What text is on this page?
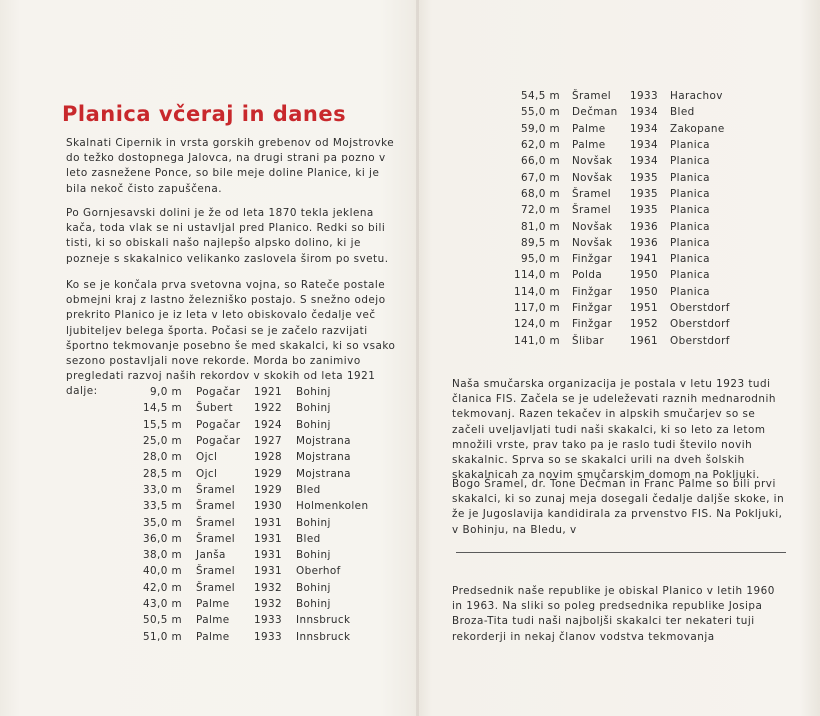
Planica včeraj in danes

Skalnati Cipernik in vrsta gorskih grebenov od Mojstrovke do težko dostopnega Jalovca, na drugi strani pa pozno v leto zasnežene Ponce, so bile meje doline Planice, ki je bila nekoč čisto zapuščena.

Po Gornjesavski dolini je že od leta 1870 tekla jeklena kača, toda vlak se ni ustavljal pred Planico. Redki so bili tisti, ki so obiskali našo najlepšo alpsko dolino, ki je pozneje s skakalnico velikanko zaslovela širom po svetu.

Ko se je končala prva svetovna vojna, so Rateče postale obmejni kraj z lastno železniško postajo. S snežno odejo prekrito Planico je iz leta v leto obiskovalo čedalje več ljubiteljev belega športa. Počasi se je začelo razvijati športno tekmovanje posebno še med skakalci, ki so vsako sezono postavljali nove rekorde. Morda bo zanimivo pregledati razvoj naših rekordov v skokih od leta 1921 dalje:	9,0 m	Pogačar	1921	Bohinj
14,5 m	Šubert	1922	Bohinj
15,5 m	Pogačar	1924	Bohinj
25,0 m	Pogačar	1927	Mojstrana
28,0 m	Ojcl	1928	Mojstrana
28,5 m	Ojcl	1929	Mojstrana
33,0 m	Šramel	1929	Bled
33,5 m	Šramel	1930	Holmenkolen
35,0 m	Šramel	1931	Bohinj
36,0 m	Šramel	1931	Bled
38,0 m	Janša	1931	Bohinj
40,0 m	Šramel	1931	Oberhof
42,0 m	Šramel	1932	Bohinj
43,0 m	Palme	1932	Bohinj
50,5 m	Palme	1933	Innsbruck
51,0 m	Palme	1933	Innsbruck
54,5 m	Šramel	1933	Harachov
55,0 m	Dečman	1934	Bled
59,0 m	Palme	1934	Zakopane
62,0 m	Palme	1934	Planica
66,0 m	Novšak	1934	Planica
67,0 m	Novšak	1935	Planica
68,0 m	Šramel	1935	Planica
72,0 m	Šramel	1935	Planica
81,0 m	Novšak	1936	Planica
89,5 m	Novšak	1936	Planica
95,0 m	Finžgar	1941	Planica
114,0 m	Polda	1950	Planica
114,0 m	Finžgar	1950	Planica
117,0 m	Finžgar	1951	Oberstdorf
124,0 m	Finžgar	1952	Oberstdorf
141,0 m	Šlibar	1961	Oberstdorf

Naša smučarska organizacija je postala v letu 1923 tudi članica FIS. Začela se je udeleževati raznih mednarodnih tekmovanj. Razen tekačev in alpskih smučarjev so se začeli uveljavljati tudi naši skakalci, ki so leto za letom množili vrste, prav tako pa je raslo tudi število novih skakalnic. Sprva so se skakalci urili na dveh šolskih skakalnicah za novim smučarskim domom na Pokljuki.

Bogo Šramel, dr. Tone Dečman in Franc Palme so bili prvi skakalci, ki so zunaj meja dosegali čedalje daljše skoke, in že je Jugoslavija kandidirala za prvenstvo FIS. Na Pokljuki, v Bohinju, na Bledu, v

Predsednik naše republike je obiskal Planico v letih 1960 in 1963. Na sliki so poleg predsednika republike Josipa Broza-Tita tudi naši najboljši skakalci ter nekateri tuji rekorderji in nekaj članov vodstva tekmovanja
